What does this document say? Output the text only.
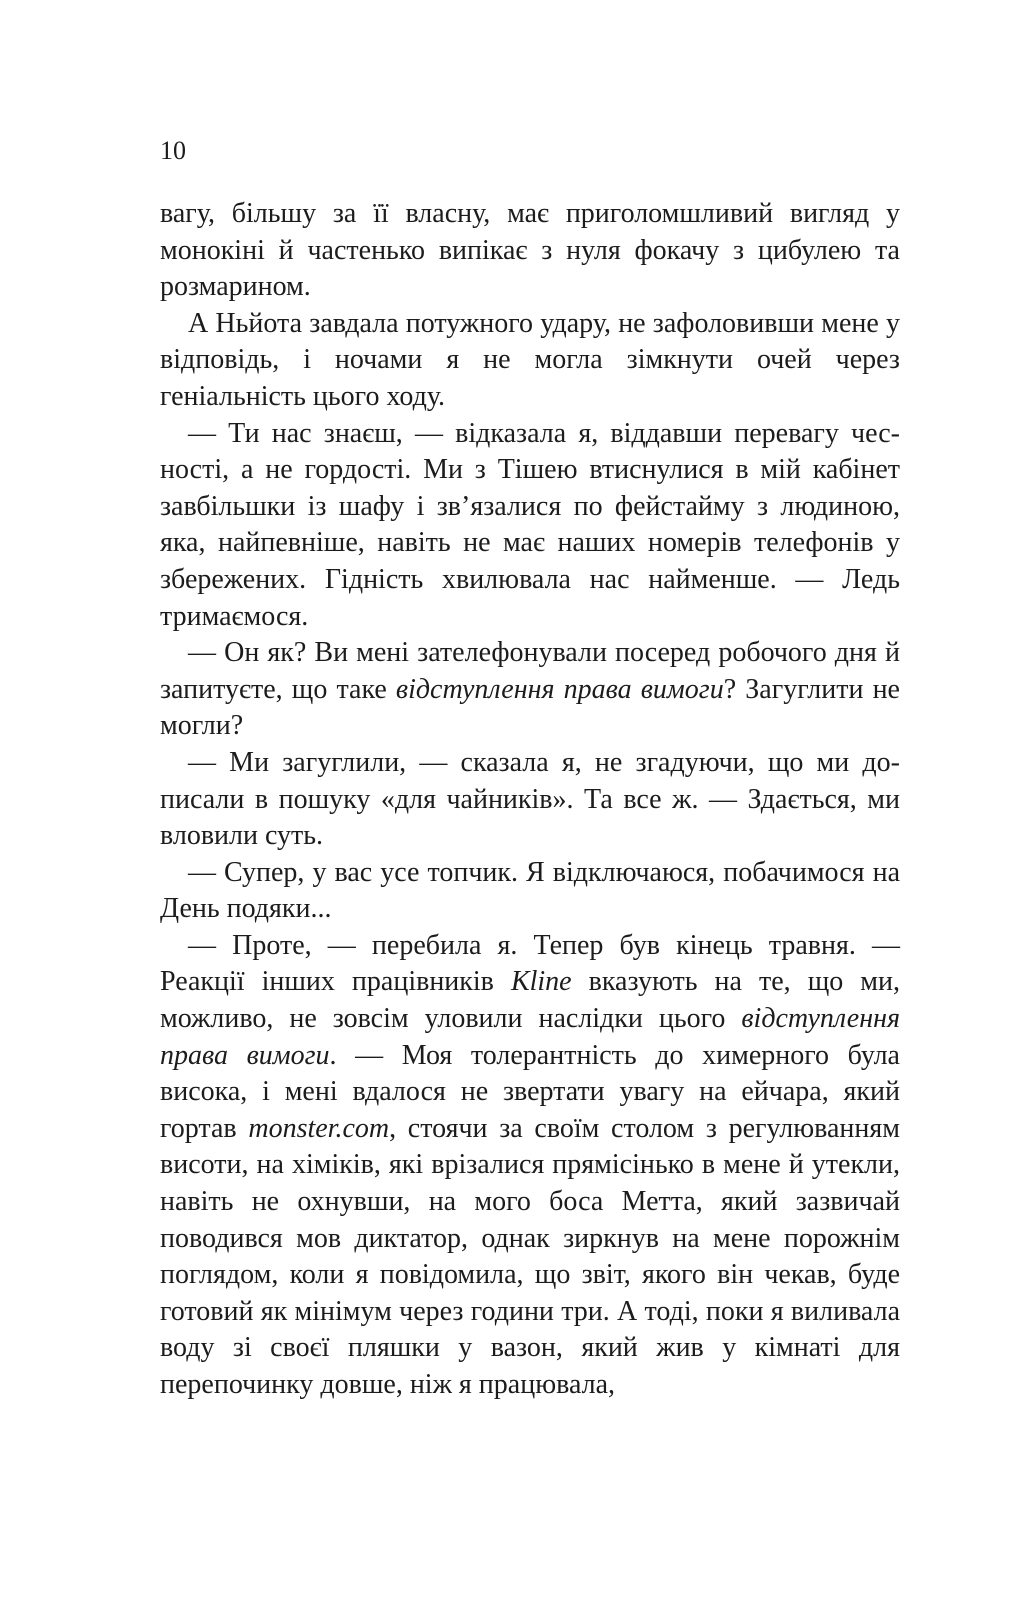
10

вагу, більшу за її власну, має приголомшливий вигляд у монокіні й частенько випікає з нуля фокачу з цибулею та розмарином.

А Ньйота завдала потужного удару, не зафоловивши мене у відповідь, і ночами я не могла зімкнути очей через геніальність цього ходу.

— Ти нас знаєш, — відказала я, віддавши перевагу чесності, а не гордості. Ми з Тішею втиснулися в мій кабінет завбільшки із шафу і зв’язалися по фейстайму з людиною, яка, найпевніше, навіть не має наших номерів телефонів у збережених. Гідність хвилювала нас найменше. — Ледь тримаємося.

— Он як? Ви мені зателефонували посеред робочого дня й запитуєте, що таке відступлення права вимоги? Загуглити не могли?

— Ми загуглили, — сказала я, не згадуючи, що ми дописали в пошуку «для чайників». Та все ж. — Здається, ми вловили суть.

— Супер, у вас усе топчик. Я відключаюся, побачимося на День подяки...

— Проте, — перебила я. Тепер був кінець травня. — Реакції інших працівників Kline вказують на те, що ми, можливо, не зовсім уловили наслідки цього відступлення права вимоги. — Моя толерантність до химерного була висока, і мені вдалося не звертати увагу на ейчара, який гортав monster.com, стоячи за своїм столом з регулюванням висоти, на хіміків, які врізалися прямісінько в мене й утекли, навіть не охнувши, на мого боса Метта, який зазвичай поводився мов диктатор, однак зиркнув на мене порожнім поглядом, коли я повідомила, що звіт, якого він чекав, буде готовий як мінімум через години три. А тоді, поки я виливала воду зі своєї пляшки у вазон, який жив у кімнаті для перепочинку довше, ніж я працювала,
